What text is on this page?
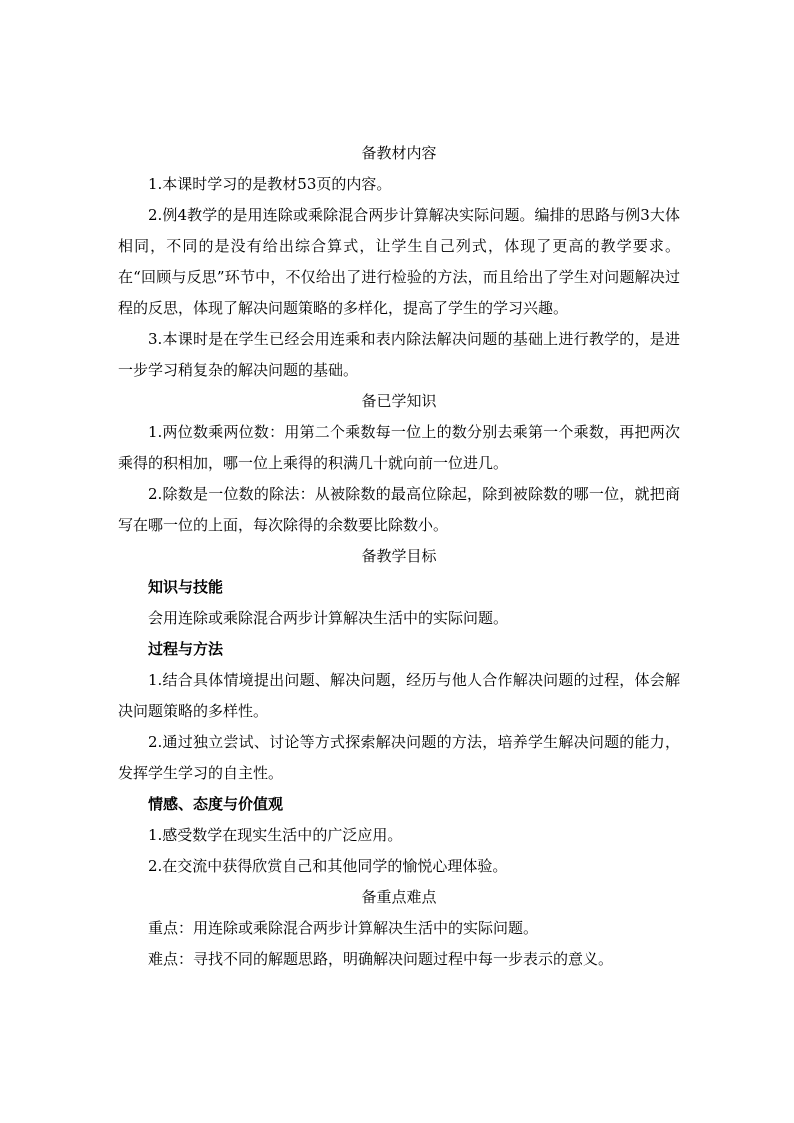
备教材内容

1.本课时学习的是教材53页的内容。

2.例4教学的是用连除或乘除混合两步计算解决实际问题。编排的思路与例3大体相同，不同的是没有给出综合算式，让学生自己列式，体现了更高的教学要求。在“回顾与反思”环节中，不仅给出了进行检验的方法，而且给出了学生对问题解决过程的反思，体现了解决问题策略的多样化，提高了学生的学习兴趣。

3.本课时是在学生已经会用连乘和表内除法解决问题的基础上进行教学的，是进一步学习稍复杂的解决问题的基础。

备已学知识

1.两位数乘两位数：用第二个乘数每一位上的数分别去乘第一个乘数，再把两次乘得的积相加，哪一位上乘得的积满几十就向前一位进几。

2.除数是一位数的除法：从被除数的最高位除起，除到被除数的哪一位，就把商写在哪一位的上面，每次除得的余数要比除数小。

备教学目标

知识与技能

会用连除或乘除混合两步计算解决生活中的实际问题。

过程与方法

1.结合具体情境提出问题、解决问题，经历与他人合作解决问题的过程，体会解决问题策略的多样性。

2.通过独立尝试、讨论等方式探索解决问题的方法，培养学生解决问题的能力，发挥学生学习的自主性。

情感、态度与价值观

1.感受数学在现实生活中的广泛应用。

2.在交流中获得欣赏自己和其他同学的愉悦心理体验。

备重点难点

重点：用连除或乘除混合两步计算解决生活中的实际问题。

难点：寻找不同的解题思路，明确解决问题过程中每一步表示的意义。
